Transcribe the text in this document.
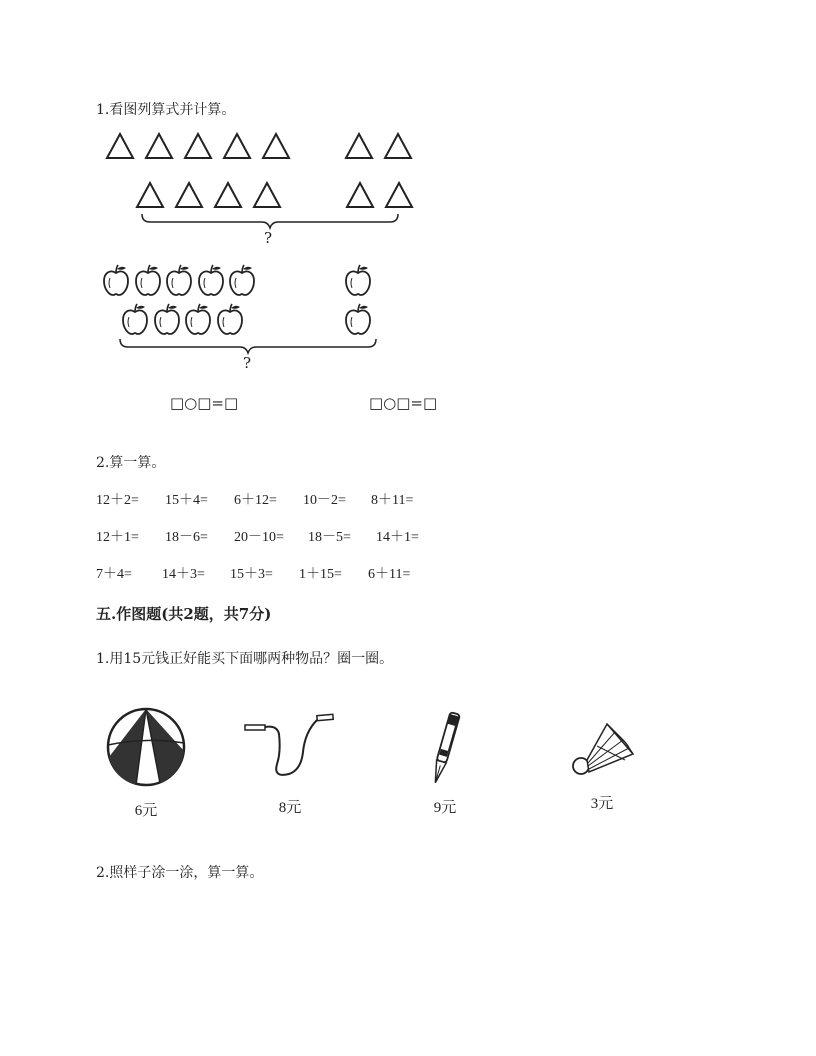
1.看图列算式并计算。
?
?
□○□=□	□○□=□
2.算一算。
12＋2= 15＋4= 6＋12= 10－2= 8＋11=
12＋1= 18－6= 20－10= 18－5= 14＋1=
7＋4= 14＋3= 15＋3= 1＋15= 6＋11=
五.作图题(共2题，共7分)
1.用15元钱正好能买下面哪两种物品？圈一圈。
6元	8元	9元	3元
2.照样子涂一涂，算一算。
